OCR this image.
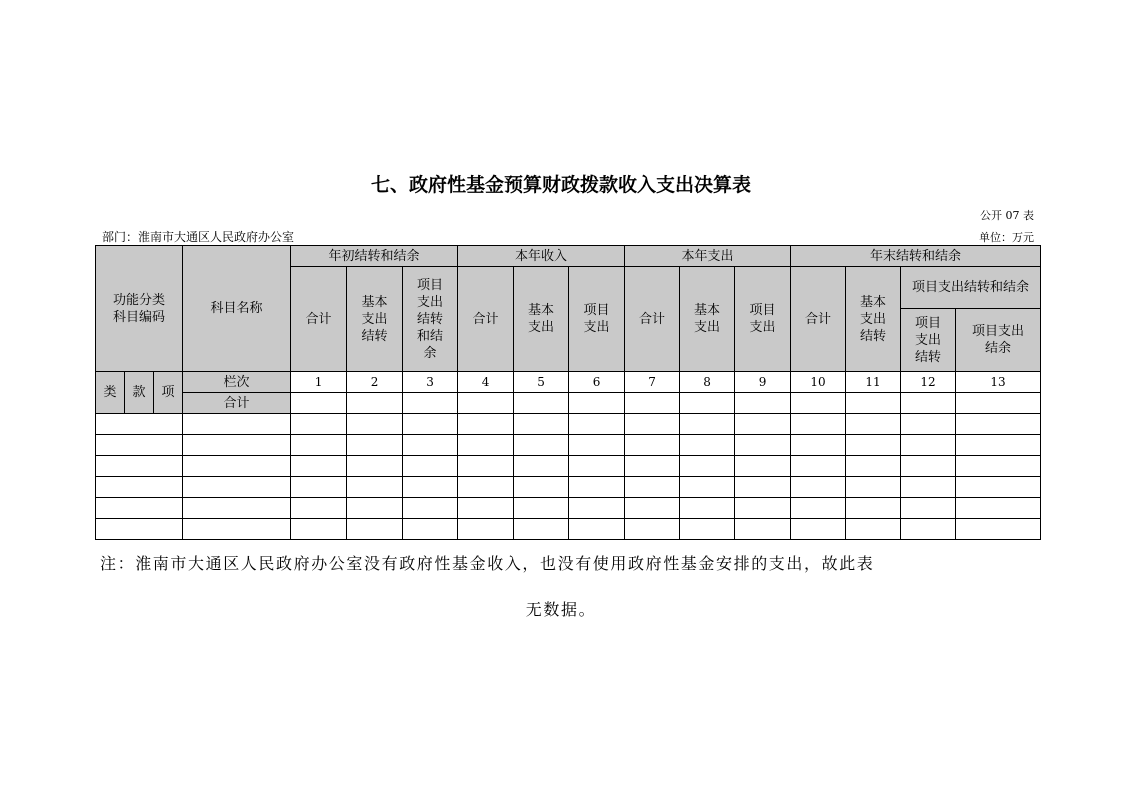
七、政府性基金预算财政拨款收入支出决算表
公开 07 表
部门：淮南市大通区人民政府办公室	单位：万元
功能分类科目编码			科目名称	年初结转和结余			本年收入			本年支出			年末结转和结余			
				合计	基本支出结转	项目支出结转和结余	合计	基本支出	项目支出	合计	基本支出	项目支出	合计	基本支出结转	项目支出结转和结余	
															项目支出结转	项目支出结余

类	款	项	栏次	1	2	3	4	5	6	7	8	9	10	11	12	13
			合计													

注：淮南市大通区人民政府办公室没有政府性基金收入，也没有使用政府性基金安排的支出，故此表
无数据。
